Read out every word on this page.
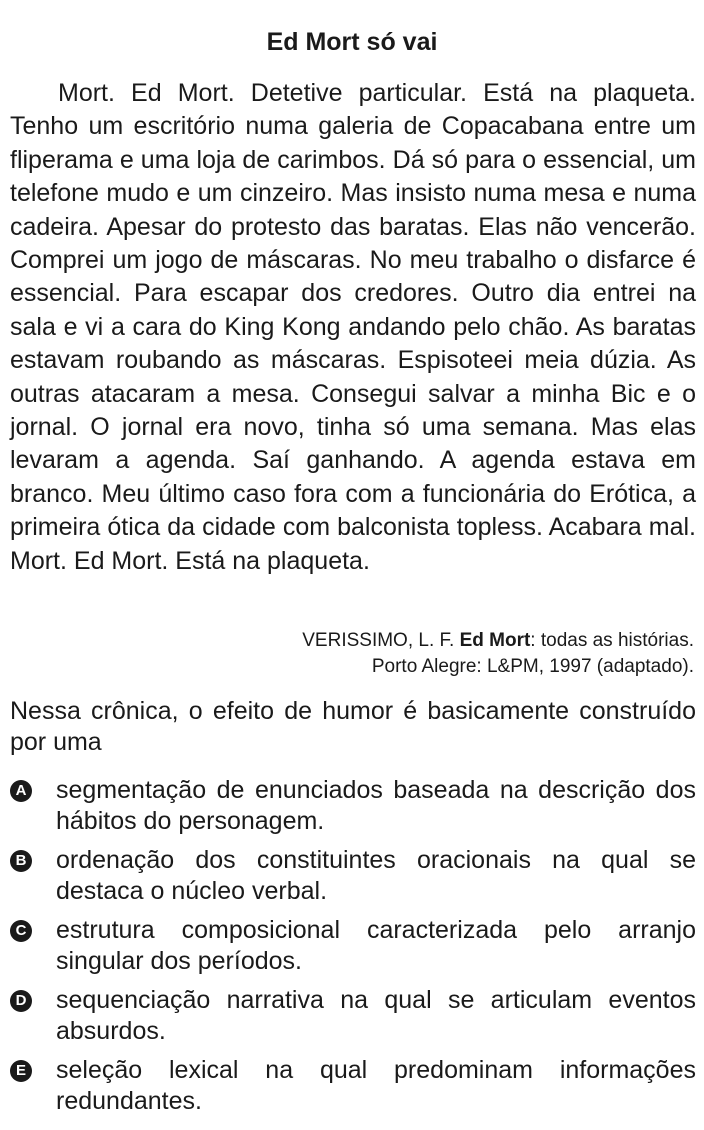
Ed Mort só vai

Mort. Ed Mort. Detetive particular. Está na plaqueta. Tenho um escritório numa galeria de Copacabana entre um fliperama e uma loja de carimbos. Dá só para o essencial, um telefone mudo e um cinzeiro. Mas insisto numa mesa e numa cadeira. Apesar do protesto das baratas. Elas não vencerão. Comprei um jogo de máscaras. No meu trabalho o disfarce é essencial. Para escapar dos credores. Outro dia entrei na sala e vi a cara do King Kong andando pelo chão. As baratas estavam roubando as máscaras. Espisoteei meia dúzia. As outras atacaram a mesa. Consegui salvar a minha Bic e o jornal. O jornal era novo, tinha só uma semana. Mas elas levaram a agenda. Saí ganhando. A agenda estava em branco. Meu último caso fora com a funcionária do Erótica, a primeira ótica da cidade com balconista topless. Acabara mal. Mort. Ed Mort. Está na plaqueta.

VERISSIMO, L. F. Ed Mort: todas as histórias.
Porto Alegre: L&PM, 1997 (adaptado).

Nessa crônica, o efeito de humor é basicamente construído por uma

A segmentação de enunciados baseada na descrição dos hábitos do personagem.
B ordenação dos constituintes oracionais na qual se destaca o núcleo verbal.
C estrutura composicional caracterizada pelo arranjo singular dos períodos.
D sequenciação narrativa na qual se articulam eventos absurdos.
E seleção lexical na qual predominam informações redundantes.
